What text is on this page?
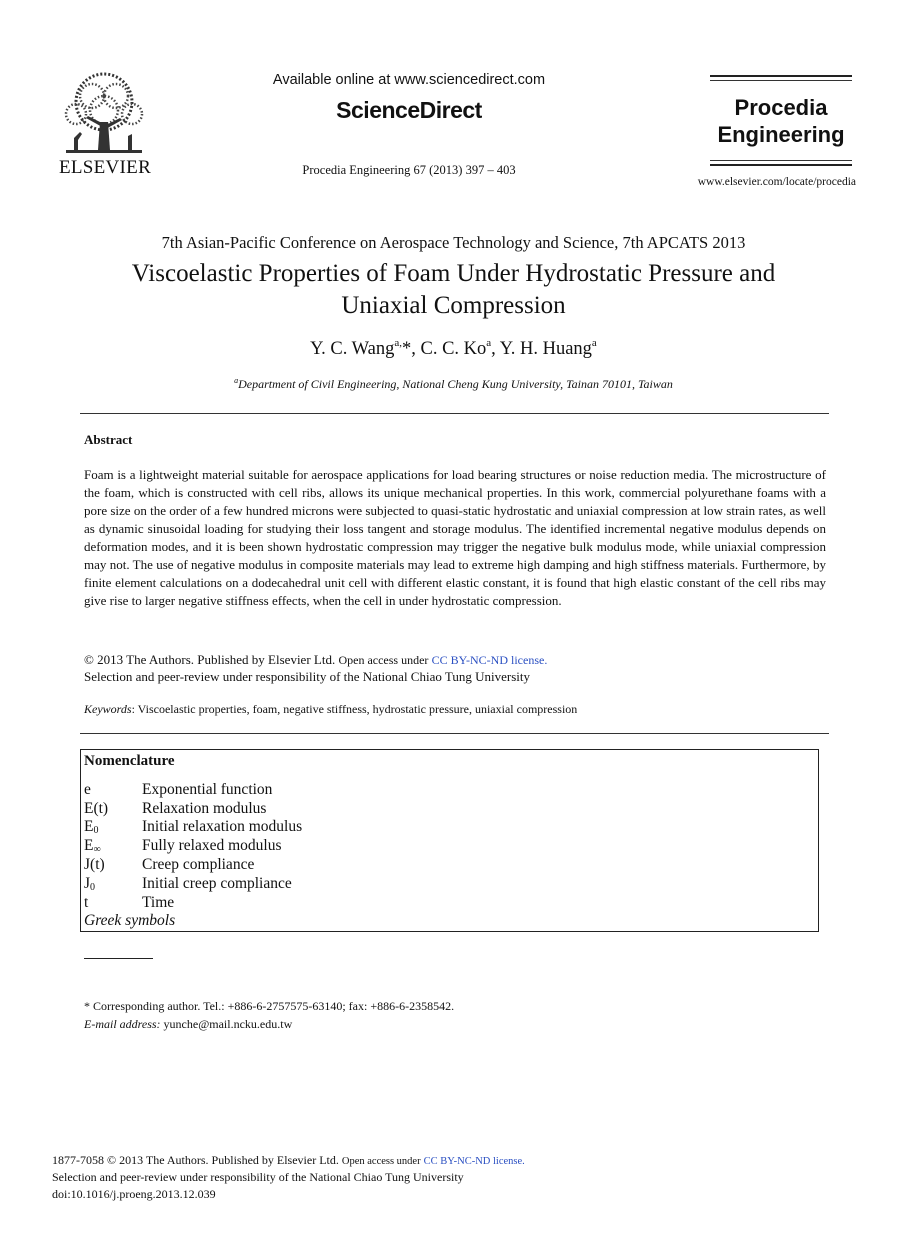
ELSEVIER
Available online at www.sciencedirect.com
ScienceDirect
Procedia Engineering 67 (2013) 397 – 403
Procedia
Engineering
www.elsevier.com/locate/procedia
7th Asian-Pacific Conference on Aerospace Technology and Science, 7th APCATS 2013
Viscoelastic Properties of Foam Under Hydrostatic Pressure and
Uniaxial Compression
Y. C. Wang$^{a,}$*, C. C. Ko$^a$, Y. H. Huang$^a$
$^a$Department of Civil Engineering, National Cheng Kung University, Tainan 70101, Taiwan
Abstract
Foam is a lightweight material suitable for aerospace applications for load bearing structures or noise reduction media. The microstructure of the foam, which is constructed with cell ribs, allows its unique mechanical properties. In this work, commercial polyurethane foams with a pore size on the order of a few hundred microns were subjected to quasi-static hydrostatic and uniaxial compression at low strain rates, as well as dynamic sinusoidal loading for studying their loss tangent and storage modulus. The identified incremental negative modulus depends on deformation modes, and it is been shown hydrostatic compression may trigger the negative bulk modulus mode, while uniaxial compression may not. The use of negative modulus in composite materials may lead to extreme high damping and high stiffness materials. Furthermore, by finite element calculations on a dodecahedral unit cell with different elastic constant, it is found that high elastic constant of the cell ribs may give rise to larger negative stiffness effects, when the cell in under hydrostatic compression.
© 2013 The Authors. Published by Elsevier Ltd. Open access under CC BY-NC-ND license.
Selection and peer-review under responsibility of the National Chiao Tung University
Keywords: Viscoelastic properties, foam, negative stiffness, hydrostatic pressure, uniaxial compression
Nomenclature
e	Exponential function
E(t) Relaxation modulus
$E_0$	Initial relaxation modulus
$E_\infty$	Fully relaxed modulus
J(t) Creep compliance
$J_0$	Initial creep compliance
t	Time
Greek symbols
* Corresponding author. Tel.: +886-6-2757575-63140; fax: +886-6-2358542.
E-mail address: yunche@mail.ncku.edu.tw
1877-7058 © 2013 The Authors. Published by Elsevier Ltd. Open access under CC BY-NC-ND license.
Selection and peer-review under responsibility of the National Chiao Tung University
doi:10.1016/j.proeng.2013.12.039
